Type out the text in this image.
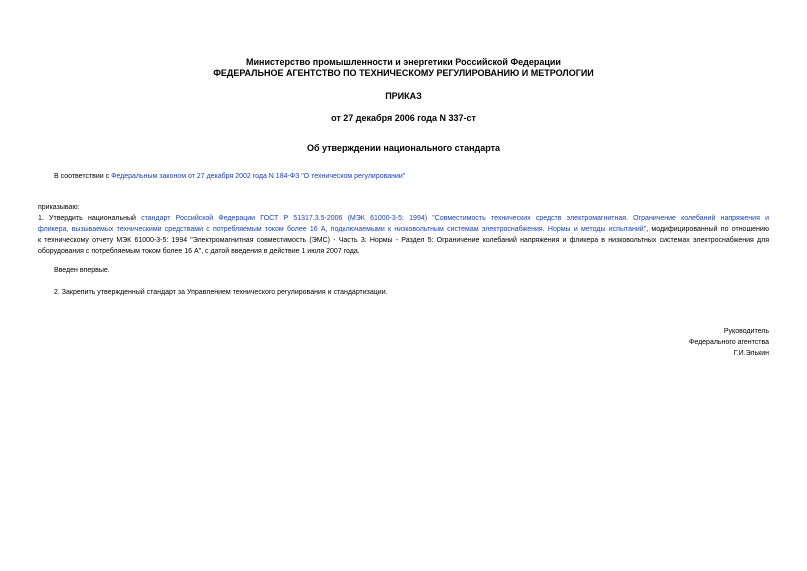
Министерство промышленности и энергетики Российской Федерации
ФЕДЕРАЛЬНОЕ АГЕНТСТВО ПО ТЕХНИЧЕСКОМУ РЕГУЛИРОВАНИЮ И МЕТРОЛОГИИ
ПРИКАЗ
от 27 декабря 2006 года N 337-ст
Об утверждении национального стандарта
В соответствии с Федеральным законом от 27 декабря 2002 года N 184-ФЗ "О техническом регулировании"
приказываю:
1. Утвердить национальный стандарт Российской Федерации ГОСТ Р 51317.3.5-2006 (МЭК 61000-3-5: 1994) "Совместимость технических средств электромагнитная. Ограничение колебаний напряжения и
фликера, вызываемых техническими средствами с потребляемым током более 16 А, подключаемыми к низковольтным системам электроснабжения. Нормы и методы испытаний", модифицированный по отношению
к техническому отчету МЭК 61000-3-5: 1994 "Электромагнитная совместимость (ЭМС) - Часть 3: Нормы - Раздел 5: Ограничение колебаний напряжения и фликера в низковольтных системах электроснабжения для
оборудования с потребляемым током более 16 А", с датой введения в действие 1 июля 2007 года.
Введен впервые.
2. Закрепить утвержденный стандарт за Управлением технического регулирования и стандартизации.
Руководитель
Федерального агентства
Г.И.Элькин
